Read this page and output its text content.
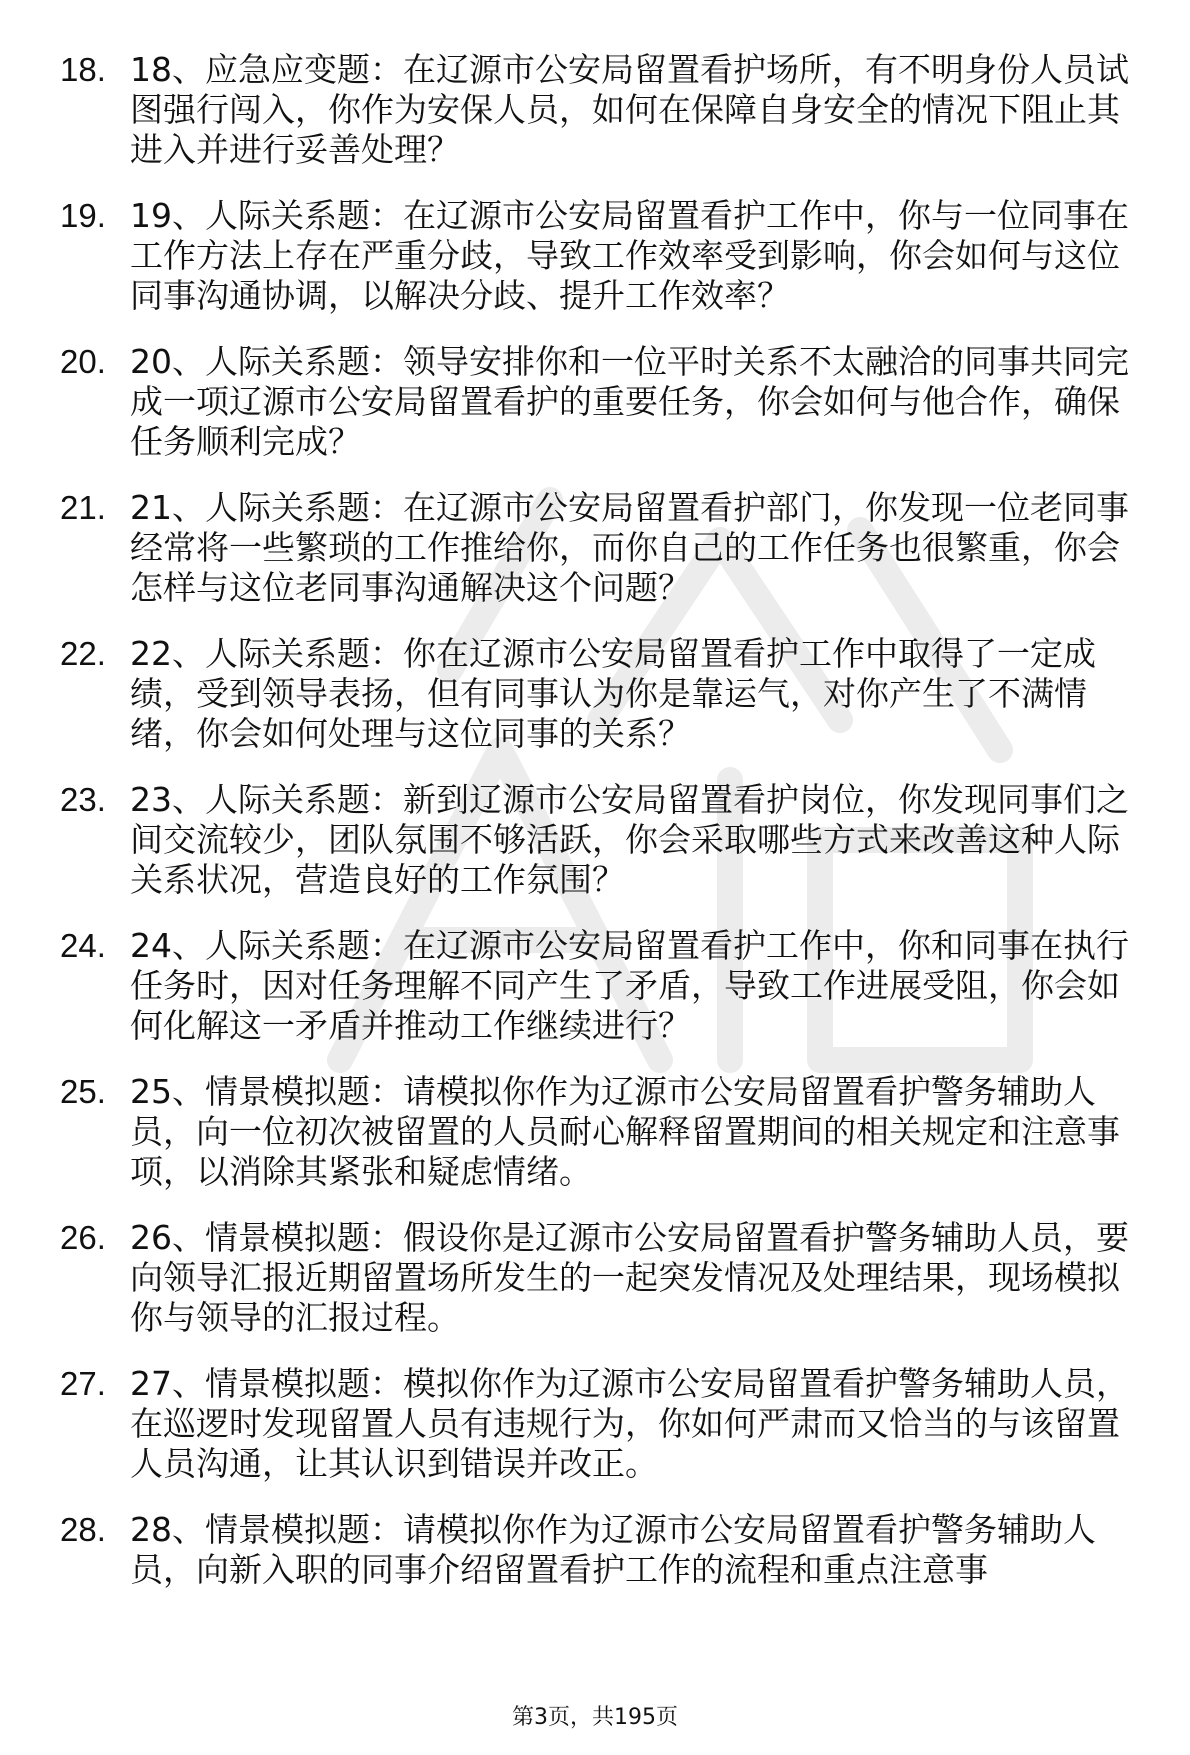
18. 18、应急应变题：在辽源市公安局留置看护场所，有不明身份人员试图强行闯入，你作为安保人员，如何在保障自身安全的情况下阻止其进入并进行妥善处理？
19. 19、人际关系题：在辽源市公安局留置看护工作中，你与一位同事在工作方法上存在严重分歧，导致工作效率受到影响，你会如何与这位同事沟通协调，以解决分歧、提升工作效率？
20. 20、人际关系题：领导安排你和一位平时关系不太融洽的同事共同完成一项辽源市公安局留置看护的重要任务，你会如何与他合作，确保任务顺利完成？
21. 21、人际关系题：在辽源市公安局留置看护部门，你发现一位老同事经常将一些繁琐的工作推给你，而你自己的工作任务也很繁重，你会怎样与这位老同事沟通解决这个问题？
22. 22、人际关系题：你在辽源市公安局留置看护工作中取得了一定成绩，受到领导表扬，但有同事认为你是靠运气，对你产生了不满情绪，你会如何处理与这位同事的关系？
23. 23、人际关系题：新到辽源市公安局留置看护岗位，你发现同事们之间交流较少，团队氛围不够活跃，你会采取哪些方式来改善这种人际关系状况，营造良好的工作氛围？
24. 24、人际关系题：在辽源市公安局留置看护工作中，你和同事在执行任务时，因对任务理解不同产生了矛盾，导致工作进展受阻，你会如何化解这一矛盾并推动工作继续进行？
25. 25、情景模拟题：请模拟你作为辽源市公安局留置看护警务辅助人员，向一位初次被留置的人员耐心解释留置期间的相关规定和注意事项，以消除其紧张和疑虑情绪。
26. 26、情景模拟题：假设你是辽源市公安局留置看护警务辅助人员，要向领导汇报近期留置场所发生的一起突发情况及处理结果，现场模拟你与领导的汇报过程。
27. 27、情景模拟题：模拟你作为辽源市公安局留置看护警务辅助人员，在巡逻时发现留置人员有违规行为，你如何严肃而又恰当的与该留置人员沟通，让其认识到错误并改正。
28. 28、情景模拟题：请模拟你作为辽源市公安局留置看护警务辅助人员，向新入职的同事介绍留置看护工作的流程和重点注意事
第3页，共195页
